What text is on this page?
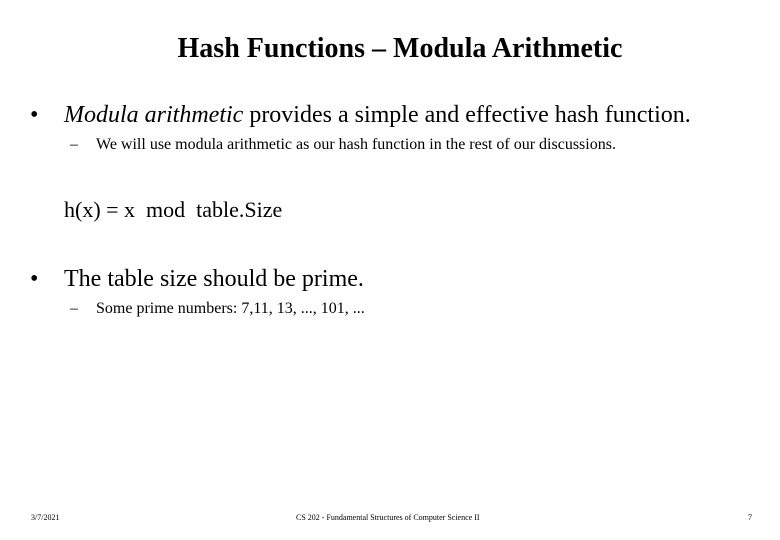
Hash Functions – Modula Arithmetic
• Modula arithmetic provides a simple and effective hash function.
– We will use modula arithmetic as our hash function in the rest of our discussions.
h(x) = x  mod  table.Size
• The table size should be prime.
– Some prime numbers: 7,11, 13, ..., 101, ...
3/7/2021	CS 202 - Fundamental Structures of Computer Science II	7
